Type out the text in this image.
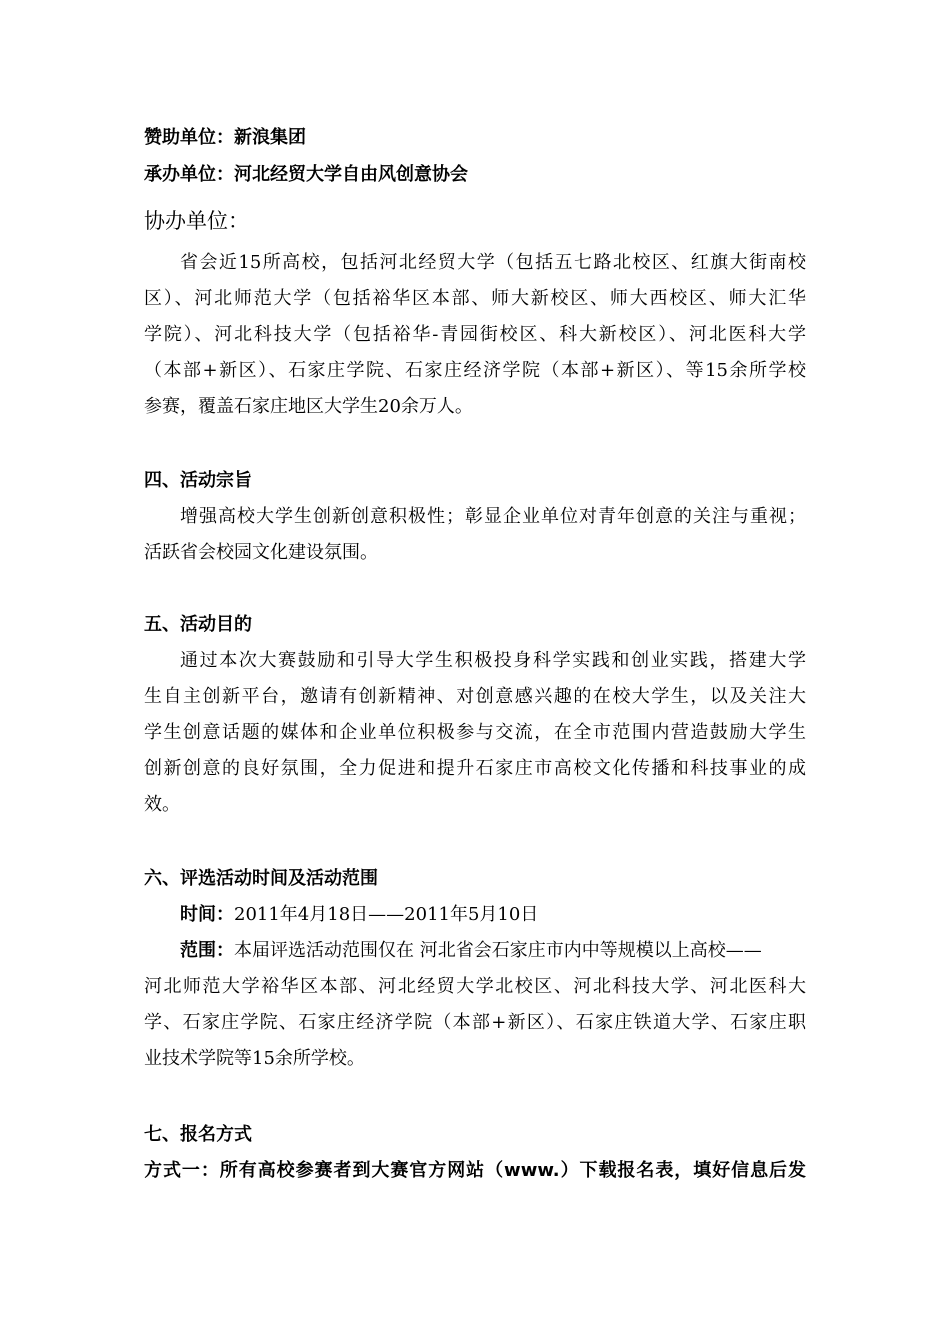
赞助单位：新浪集团
承办单位：河北经贸大学自由风创意协会
协办单位：
省会近15所高校，包括河北经贸大学（包括五七路北校区、红旗大街南校
区）、河北师范大学（包括裕华区本部、师大新校区、师大西校区、师大汇华
学院）、河北科技大学（包括裕华-青园街校区、科大新校区）、河北医科大学
（本部+新区）、石家庄学院、石家庄经济学院（本部+新区）、等15余所学校
参赛，覆盖石家庄地区大学生20余万人。
四、活动宗旨
增强高校大学生创新创意积极性；彰显企业单位对青年创意的关注与重视；
活跃省会校园文化建设氛围。
五、活动目的
通过本次大赛鼓励和引导大学生积极投身科学实践和创业实践，搭建大学
生自主创新平台，邀请有创新精神、对创意感兴趣的在校大学生，以及关注大
学生创意话题的媒体和企业单位积极参与交流，在全市范围内营造鼓励大学生
创新创意的良好氛围，全力促进和提升石家庄市高校文化传播和科技事业的成
效。
六、评选活动时间及活动范围
时间：2011年4月18日——2011年5月10日
范围：本届评选活动范围仅在 河北省会石家庄市内中等规模以上高校——
河北师范大学裕华区本部、河北经贸大学北校区、河北科技大学、河北医科大
学、石家庄学院、石家庄经济学院（本部+新区）、石家庄铁道大学、石家庄职
业技术学院等15余所学校。
七、报名方式
方式一：所有高校参赛者到大赛官方网站（www.）下载报名表，填好信息后发
